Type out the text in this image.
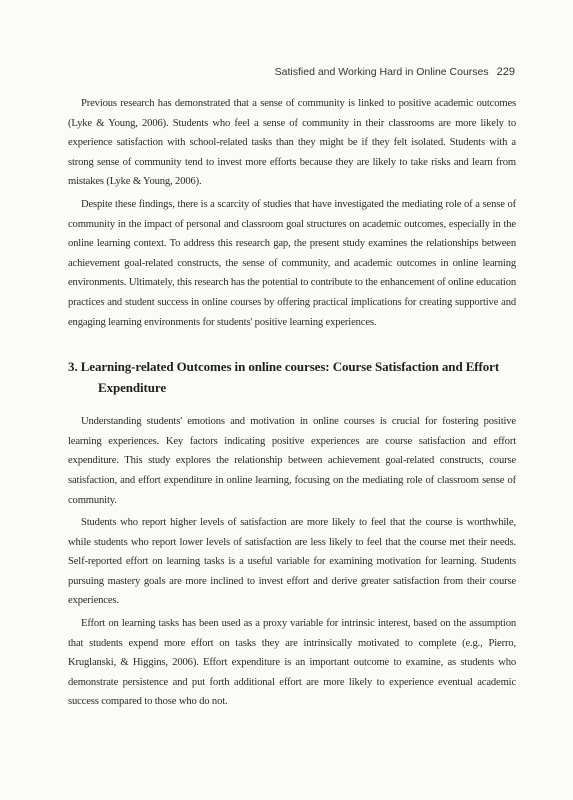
Satisfied and Working Hard in Online Courses 229

Previous research has demonstrated that a sense of community is linked to positive academic outcomes (Lyke & Young, 2006). Students who feel a sense of community in their classrooms are more likely to experience satisfaction with school-related tasks than they might be if they felt isolated. Students with a strong sense of community tend to invest more efforts because they are likely to take risks and learn from mistakes (Lyke & Young, 2006).

Despite these findings, there is a scarcity of studies that have investigated the mediating role of a sense of community in the impact of personal and classroom goal structures on academic outcomes, especially in the online learning context. To address this research gap, the present study examines the relationships between achievement goal-related constructs, the sense of community, and academic outcomes in online learning environments. Ultimately, this research has the potential to contribute to the enhancement of online education practices and student success in online courses by offering practical implications for creating supportive and engaging learning environments for students' positive learning experiences.

3. Learning-related Outcomes in online courses: Course Satisfaction and Effort Expenditure

Understanding students' emotions and motivation in online courses is crucial for fostering positive learning experiences. Key factors indicating positive experiences are course satisfaction and effort expenditure. This study explores the relationship between achievement goal-related constructs, course satisfaction, and effort expenditure in online learning, focusing on the mediating role of classroom sense of community.

Students who report higher levels of satisfaction are more likely to feel that the course is worthwhile, while students who report lower levels of satisfaction are less likely to feel that the course met their needs. Self-reported effort on learning tasks is a useful variable for examining motivation for learning. Students pursuing mastery goals are more inclined to invest effort and derive greater satisfaction from their course experiences.

Effort on learning tasks has been used as a proxy variable for intrinsic interest, based on the assumption that students expend more effort on tasks they are intrinsically motivated to complete (e.g., Pierro, Kruglanski, & Higgins, 2006). Effort expenditure is an important outcome to examine, as students who demonstrate persistence and put forth additional effort are more likely to experience eventual academic success compared to those who do not.
